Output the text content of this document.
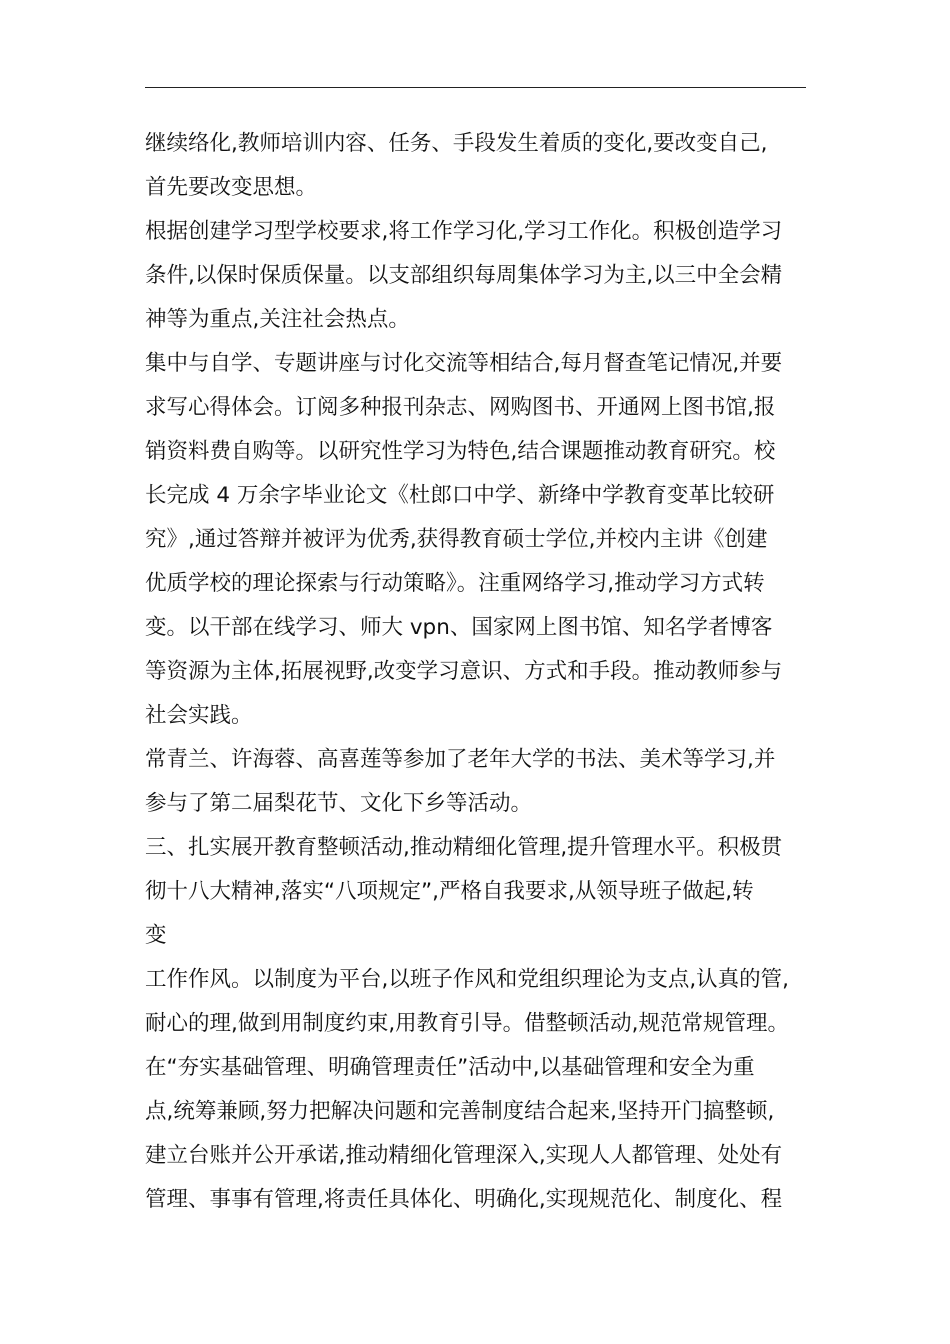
继续络化,教师培训内容、任务、手段发生着质的变化,要改变自己,
首先要改变思想。
根据创建学习型学校要求,将工作学习化,学习工作化。积极创造学习
条件,以保时保质保量。以支部组织每周集体学习为主,以三中全会精
神等为重点,关注社会热点。
集中与自学、专题讲座与讨化交流等相结合,每月督查笔记情况,并要
求写心得体会。订阅多种报刊杂志、网购图书、开通网上图书馆,报
销资料费自购等。以研究性学习为特色,结合课题推动教育研究。校
长完成 4 万余字毕业论文《杜郎口中学、新绛中学教育变革比较研
究》,通过答辩并被评为优秀,获得教育硕士学位,并校内主讲《创建
优质学校的理论探索与行动策略》。注重网络学习,推动学习方式转
变。以干部在线学习、师大 vpn、国家网上图书馆、知名学者博客
等资源为主体,拓展视野,改变学习意识、方式和手段。推动教师参与
社会实践。
常青兰、许海蓉、高喜莲等参加了老年大学的书法、美术等学习,并
参与了第二届梨花节、文化下乡等活动。
三、扎实展开教育整顿活动,推动精细化管理,提升管理水平。积极贯
彻十八大精神,落实“八项规定”,严格自我要求,从领导班子做起,转
变
工作作风。以制度为平台,以班子作风和党组织理论为支点,认真的管,
耐心的理,做到用制度约束,用教育引导。借整顿活动,规范常规管理。
在“夯实基础管理、明确管理责任”活动中,以基础管理和安全为重
点,统筹兼顾,努力把解决问题和完善制度结合起来,坚持开门搞整顿,
建立台账并公开承诺,推动精细化管理深入,实现人人都管理、处处有
管理、事事有管理,将责任具体化、明确化,实现规范化、制度化、程
